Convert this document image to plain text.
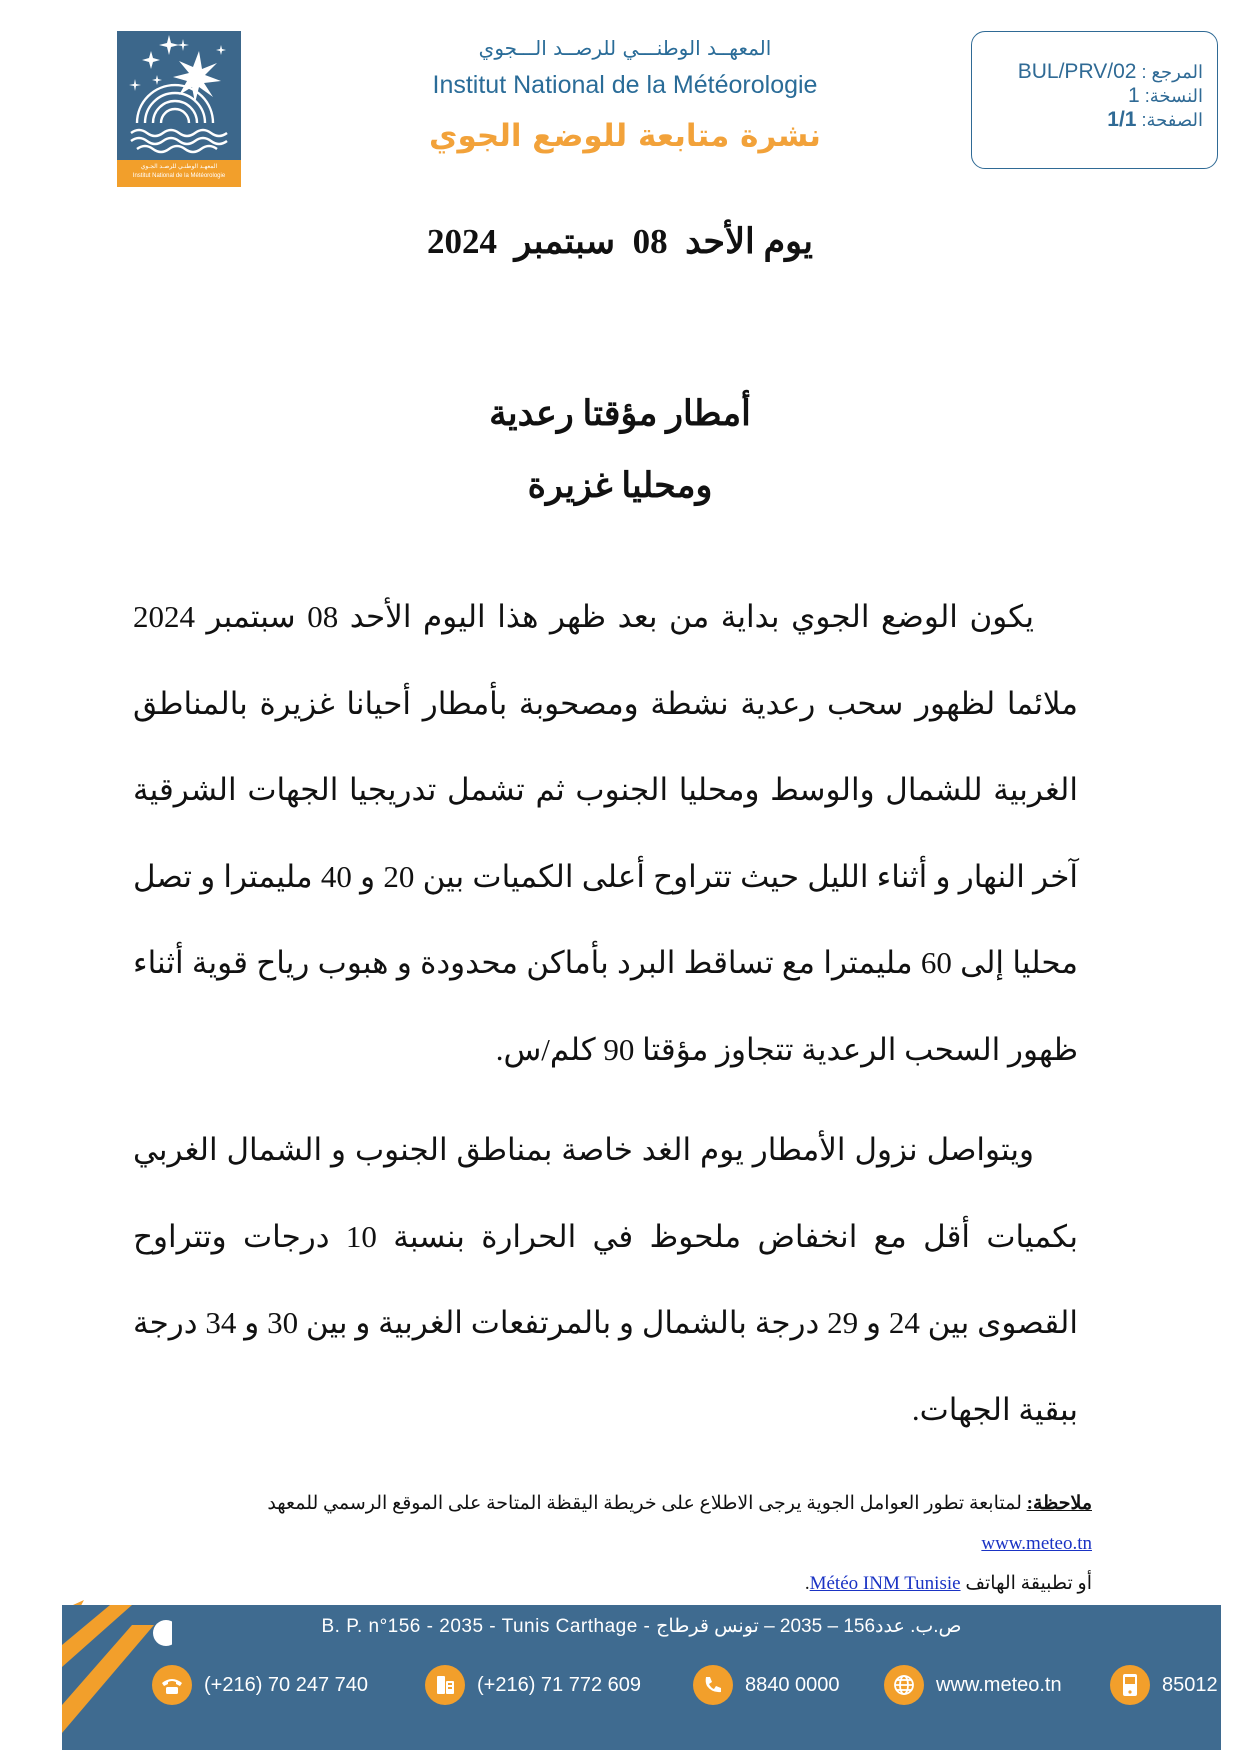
المعهـد الوطنـي للرصـد الجـوي
Institut National de la Météorologie
المعهــد الوطنـــي للرصــد الـــجوي
Institut National de la Météorologie
نشرة متابعة للوضع الجوي
المرجع : BUL/PRV/02
النسخة: 1
الصفحة: 1/1
يوم الأحد  08  سبتمبر  2024
أمطار مؤقتا رعدية
ومحليا غزيرة
يكون الوضع الجوي بداية من بعد ظهر هذا اليوم الأحد 08 سبتمبر 2024 ملائما لظهور سحب رعدية نشطة ومصحوبة بأمطار أحيانا غزيرة بالمناطق الغربية للشمال والوسط ومحليا الجنوب ثم تشمل تدريجيا الجهات الشرقية آخر النهار و أثناء الليل حيث تتراوح أعلى الكميات بين 20 و 40 مليمترا و تصل محليا إلى 60 مليمترا مع تساقط البرد بأماكن محدودة و هبوب رياح قوية أثناء ظهور السحب الرعدية تتجاوز مؤقتا 90 كلم/س.
ويتواصل نزول الأمطار يوم الغد خاصة بمناطق الجنوب و الشمال الغربي بكميات أقل مع انخفاض ملحوظ في الحرارة بنسبة 10 درجات وتتراوح القصوى بين 24 و 29 درجة بالشمال و بالمرتفعات الغربية و بين 30 و 34 درجة ببقية الجهات.
ملاحظة: لمتابعة تطور العوامل الجوية يرجى الاطلاع على خريطة اليقظة المتاحة على الموقع الرسمي للمعهد www.meteo.tn
أو تطبيقة الهاتف Météo INM Tunisie.
B. P. n°156 - 2035 - Tunis Carthage - ص.ب. عدد156 – 2035 – تونس قرطاج
(+216) 70 247 740	(+216) 71 772 609	8840 0000	www.meteo.tn	85012
